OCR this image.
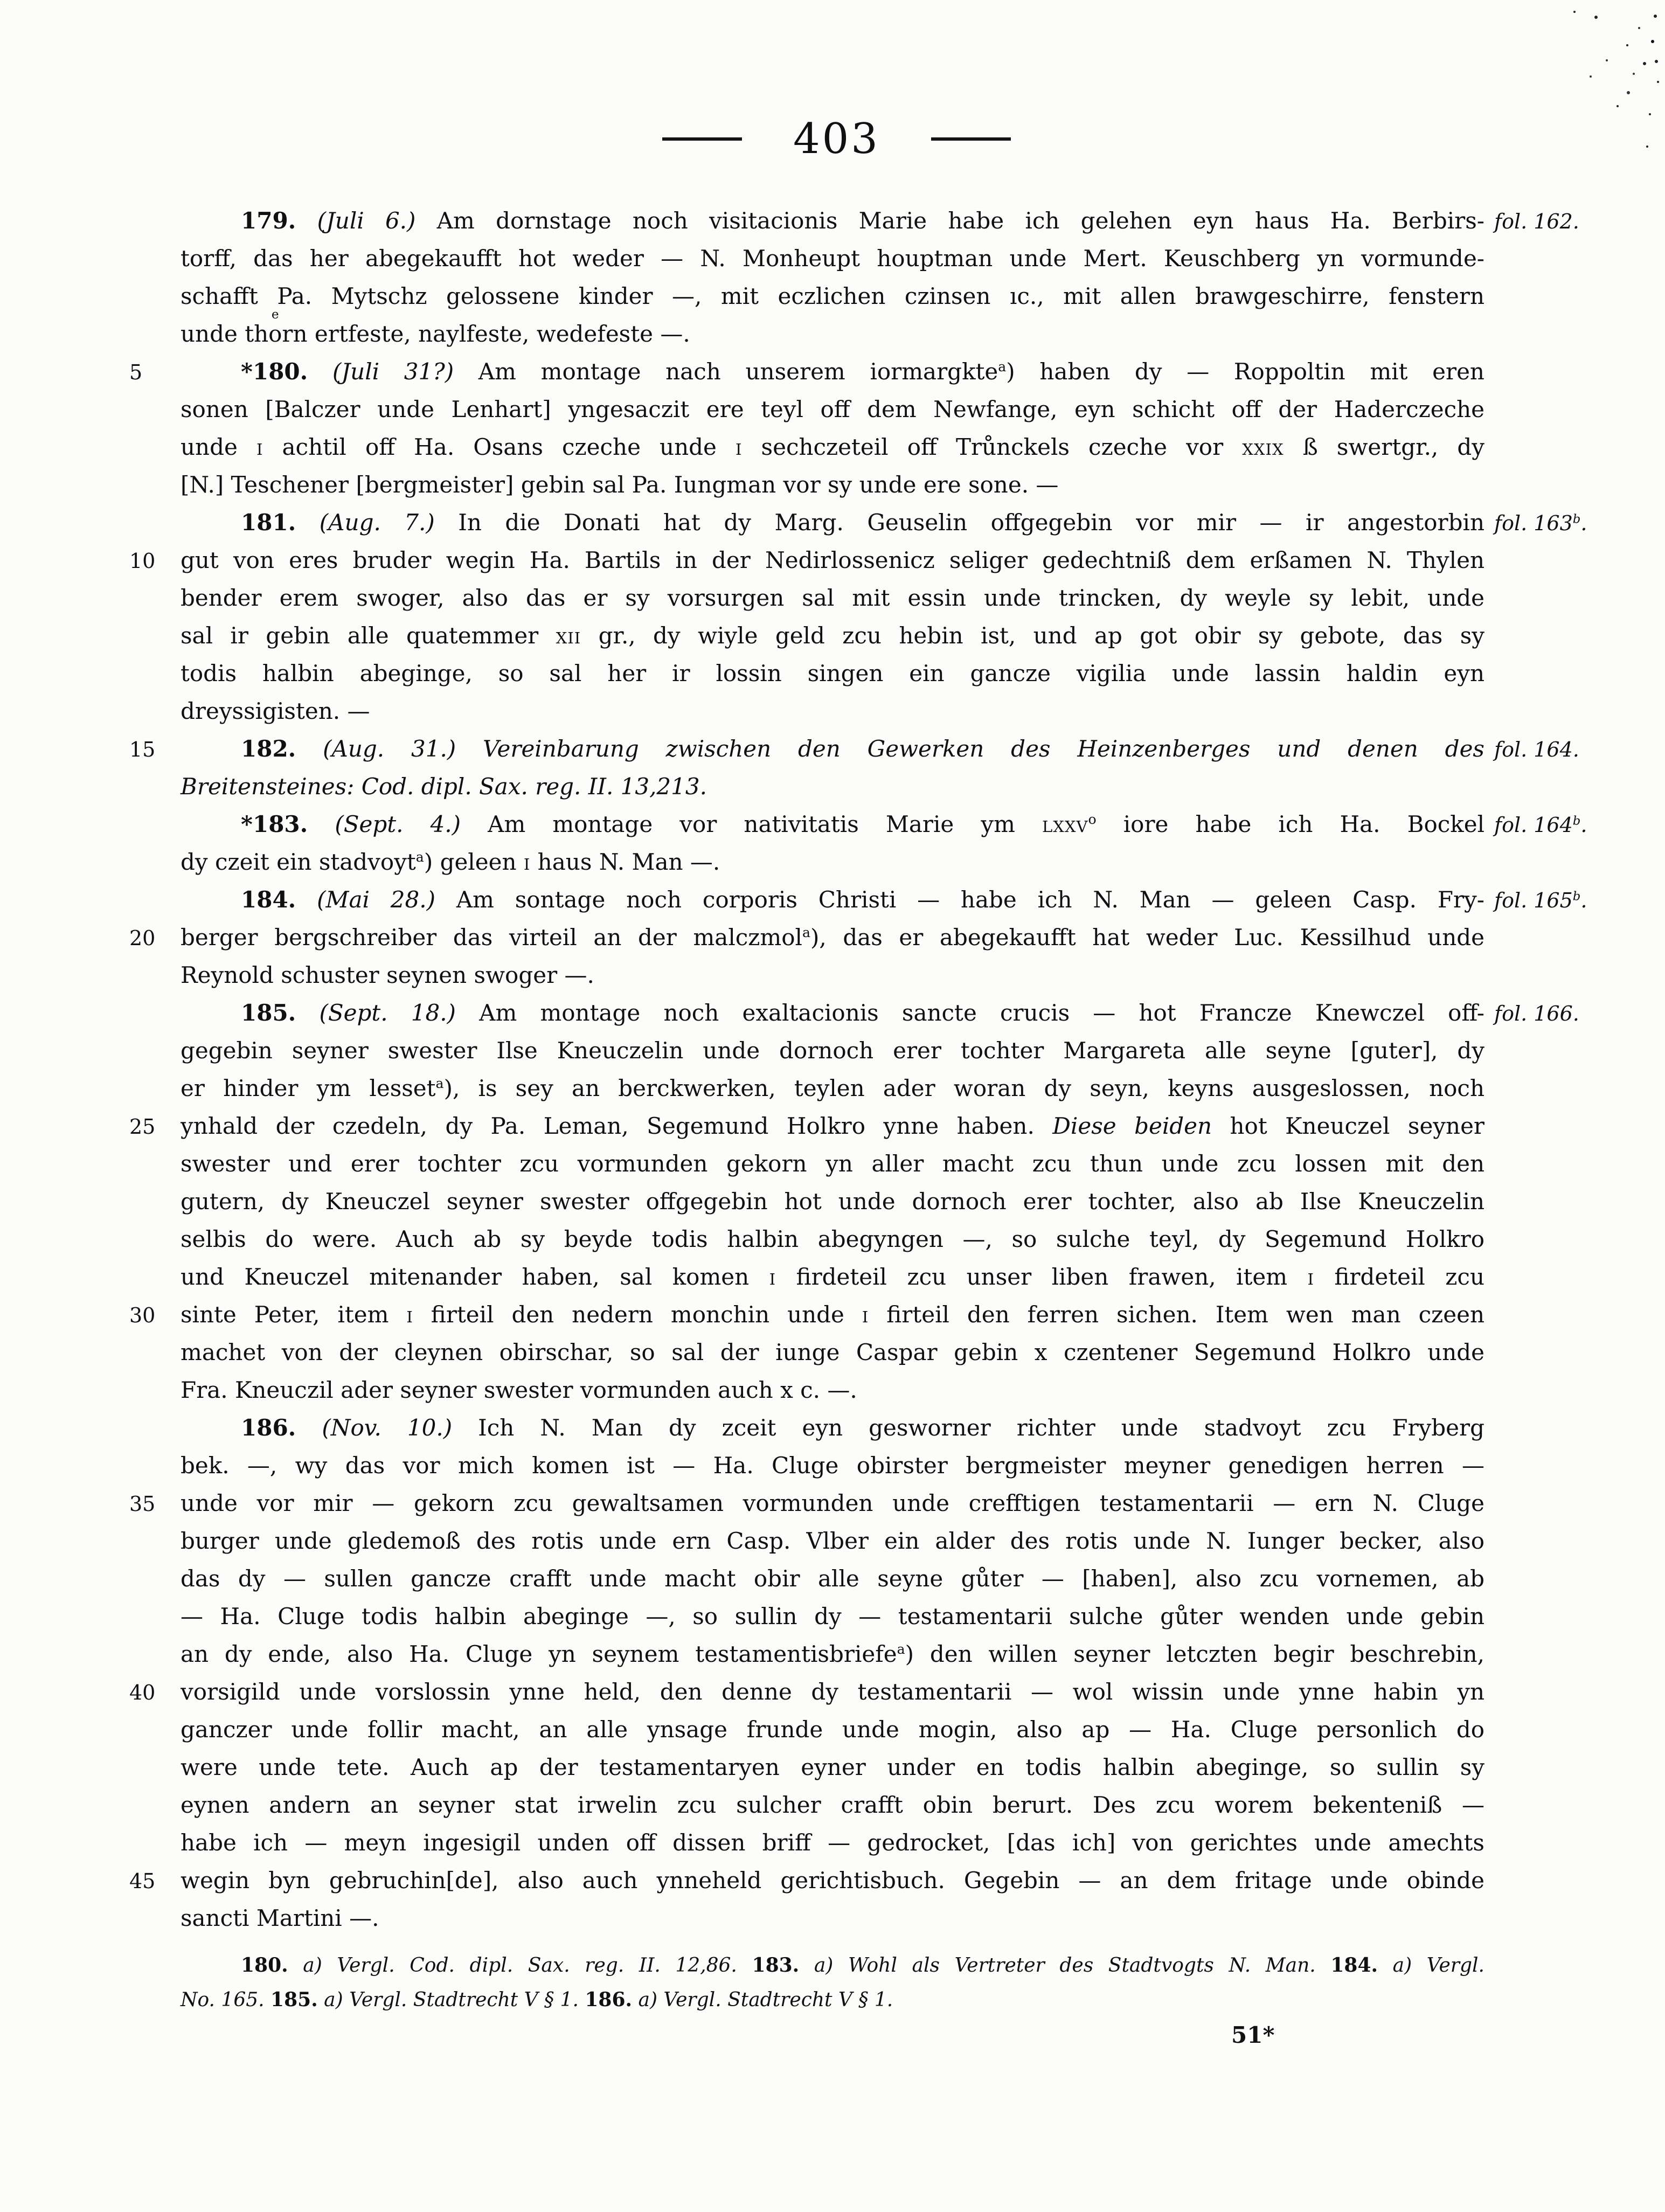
403
179. (Juli 6.) Am dornstage noch visitacionis Marie habe ich gelehen eyn haus Ha. Berbirs- fol. 162.
torff, das her abegekaufft hot weder — N. Monheupt houptman unde Mert. Keuschberg yn vormunde-
schafft Pa. Mytschz gelossene kinder —, mit eczlichen czinsen ıc., mit allen brawgeschirre, fenstern
unde tho
e
rn ertfeste, naylfeste, wedefeste —.
5	*180. (Juli 31?) Am montage nach unserem iormargkte$^a$) haben dy — Roppoltin mit eren
sonen [Balczer unde Lenhart] yngesaczit ere teyl off dem Newfange, eyn schicht off der Haderczeche
unde i achtil off Ha. Osans czeche unde i sechczeteil off Trůnckels czeche vor xxix ß swertgr., dy
[N.] Teschener [bergmeister] gebin sal Pa. Iungman vor sy unde ere sone. —
181. (Aug. 7.) In die Donati hat dy Marg. Geuselin offgegebin vor mir — ir angestorbin fol. 163$^b$.
10	gut von eres bruder wegin Ha. Bartils in der Nedirlossenicz seliger gedechtniß dem erßamen N. Thylen
bender erem swoger, also das er sy vorsurgen sal mit essin unde trincken, dy weyle sy lebit, unde
sal ir gebin alle quatemmer xii gr., dy wiyle geld zcu hebin ist, und ap got obir sy gebote, das sy
todis halbin abeginge, so sal her ir lossin singen ein gancze vigilia unde lassin haldin eyn
dreyssigisten. —
15	182. (Aug. 31.) Vereinbarung zwischen den Gewerken des Heinzenberges und denen des fol. 164.
Breitensteines: Cod. dipl. Sax. reg. II. 13,213.
*183. (Sept. 4.) Am montage vor nativitatis Marie ym lxxv$^o$ iore habe ich Ha. Bockel fol. 164$^b$.
dy czeit ein stadvoyt$^a$) geleen i haus N. Man —.
184. (Mai 28.) Am sontage noch corporis Christi — habe ich N. Man — geleen Casp. Fry- fol. 165$^b$.
20	berger bergschreiber das virteil an der malczmol$^a$), das er abegekaufft hat weder Luc. Kessilhud unde
Reynold schuster seynen swoger —.
185. (Sept. 18.) Am montage noch exaltacionis sancte crucis — hot Francze Knewczel off- fol. 166.
gegebin seyner swester Ilse Kneuczelin unde dornoch erer tochter Margareta alle seyne [guter], dy
er hinder ym lesset$^a$), is sey an berckwerken, teylen ader woran dy seyn, keyns ausgeslossen, noch
25	ynhald der czedeln, dy Pa. Leman, Segemund Holkro ynne haben. Diese beiden hot Kneuczel seyner
swester und erer tochter zcu vormunden gekorn yn aller macht zcu thun unde zcu lossen mit den
gutern, dy Kneuczel seyner swester offgegebin hot unde dornoch erer tochter, also ab Ilse Kneuczelin
selbis do were. Auch ab sy beyde todis halbin abegyngen —, so sulche teyl, dy Segemund Holkro
und Kneuczel mitenander haben, sal komen i firdeteil zcu unser liben frawen, item i firdeteil zcu
30	sinte Peter, item i firteil den nedern monchin unde i firteil den ferren sichen. Item wen man czeen
machet von der cleynen obirschar, so sal der iunge Caspar gebin x czentener Segemund Holkro unde
Fra. Kneuczil ader seyner swester vormunden auch x c. —.
186. (Nov. 10.) Ich N. Man dy zceit eyn gesworner richter unde stadvoyt zcu Fryberg
bek. —, wy das vor mich komen ist — Ha. Cluge obirster bergmeister meyner genedigen herren —
35	unde vor mir — gekorn zcu gewaltsamen vormunden unde crefftigen testamentarii — ern N. Cluge
burger unde gledemoß des rotis unde ern Casp. Vlber ein alder des rotis unde N. Iunger becker, also
das dy — sullen gancze crafft unde macht obir alle seyne gůter — [haben], also zcu vornemen, ab
— Ha. Cluge todis halbin abeginge —, so sullin dy — testamentarii sulche gůter wenden unde gebin
an dy ende, also Ha. Cluge yn seynem testamentisbriefe$^a$) den willen seyner letczten begir beschrebin,
40	vorsigild unde vorslossin ynne held, den denne dy testamentarii — wol wissin unde ynne habin yn
ganczer unde follir macht, an alle ynsage frunde unde mogin, also ap — Ha. Cluge personlich do
were unde tete. Auch ap der testamentaryen eyner under en todis halbin abeginge, so sullin sy
eynen andern an seyner stat irwelin zcu sulcher crafft obin berurt. Des zcu worem bekenteniß —
habe ich — meyn ingesigil unden off dissen briff — gedrocket, [das ich] von gerichtes unde amechts
45	wegin byn gebruchin[de], also auch ynneheld gerichtisbuch. Gegebin — an dem fritage unde obinde
sancti Martini —.
180. a) Vergl. Cod. dipl. Sax. reg. II. 12,86. 183. a) Wohl als Vertreter des Stadtvogts N. Man. 184. a) Vergl.
No. 165. 185. a) Vergl. Stadtrecht V § 1. 186. a) Vergl. Stadtrecht V § 1.
51*
